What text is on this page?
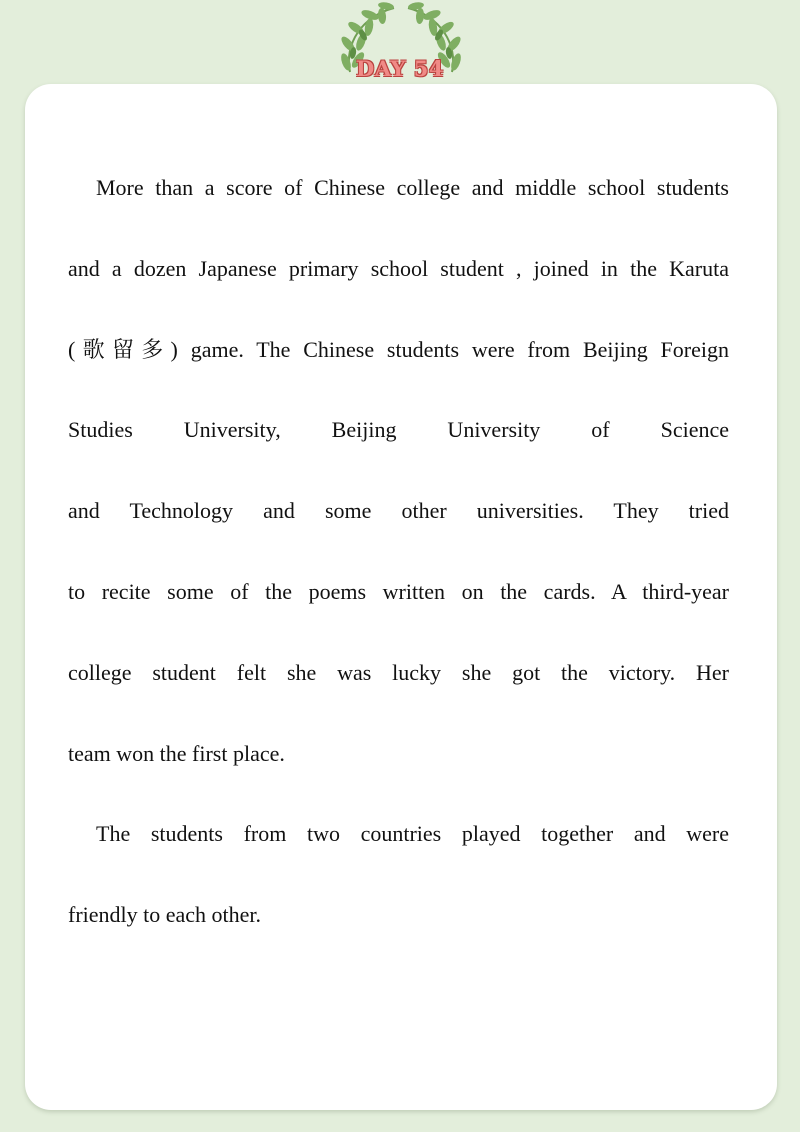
DAY 54
More than a score of Chinese college and middle school students
and a dozen Japanese primary school student , joined in the Karuta
(歌留多) game. The Chinese students were from Beijing Foreign
Studies University, Beijing University of Science
and Technology and some other universities. They tried
to recite some of the poems written on the cards. A third-year
college student felt she was lucky she got the victory. Her
team won the first place.
The students from two countries played together and were
friendly to each other.
